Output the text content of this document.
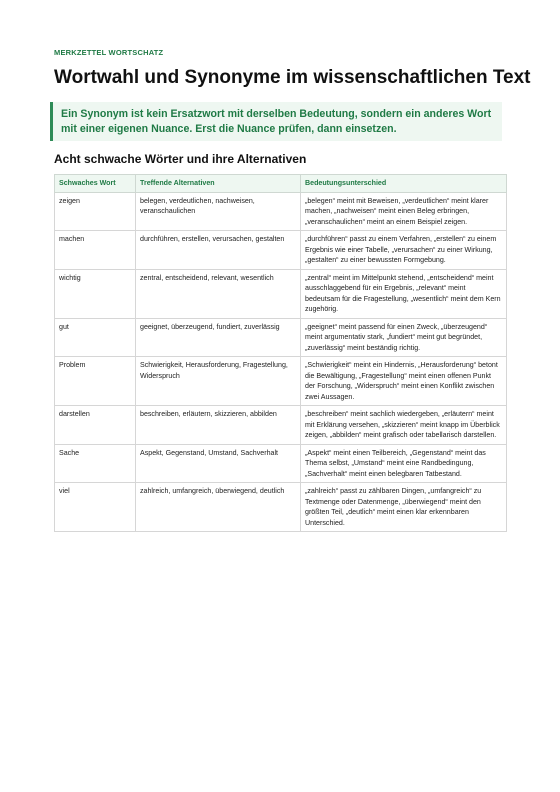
MERKZETTEL WORTSCHATZ
Wortwahl und Synonyme im wissenschaftlichen Text
Ein Synonym ist kein Ersatzwort mit derselben Bedeutung, sondern ein anderes Wort mit einer eigenen Nuance. Erst die Nuance prüfen, dann einsetzen.
Acht schwache Wörter und ihre Alternativen
Schwaches Wort	Treffende Alternativen	Bedeutungsunterschied
zeigen	belegen, verdeutlichen, nachweisen, veranschaulichen	„belegen“ meint mit Beweisen, „verdeutlichen“ meint klarer machen, „nachweisen“ meint einen Beleg erbringen, „veranschaulichen“ meint an einem Beispiel zeigen.
machen	durchführen, erstellen, verursachen, gestalten	„durchführen“ passt zu einem Verfahren, „erstellen“ zu einem Ergebnis wie einer Tabelle, „verursachen“ zu einer Wirkung, „gestalten“ zu einer bewussten Formgebung.
wichtig	zentral, entscheidend, relevant, wesentlich	„zentral“ meint im Mittelpunkt stehend, „entscheidend“ meint ausschlaggebend für ein Ergebnis, „relevant“ meint bedeutsam für die Fragestellung, „wesentlich“ meint dem Kern zugehörig.
gut	geeignet, überzeugend, fundiert, zuverlässig	„geeignet“ meint passend für einen Zweck, „überzeugend“ meint argumentativ stark, „fundiert“ meint gut begründet, „zuverlässig“ meint beständig richtig.
Problem	Schwierigkeit, Herausforderung, Fragestellung, Widerspruch	„Schwierigkeit“ meint ein Hindernis, „Herausforderung“ betont die Bewältigung, „Fragestellung“ meint einen offenen Punkt der Forschung, „Widerspruch“ meint einen Konflikt zwischen zwei Aussagen.
darstellen	beschreiben, erläutern, skizzieren, abbilden	„beschreiben“ meint sachlich wiedergeben, „erläutern“ meint mit Erklärung versehen, „skizzieren“ meint knapp im Überblick zeigen, „abbilden“ meint grafisch oder tabellarisch darstellen.
Sache	Aspekt, Gegenstand, Umstand, Sachverhalt	„Aspekt“ meint einen Teilbereich, „Gegenstand“ meint das Thema selbst, „Umstand“ meint eine Randbedingung, „Sachverhalt“ meint einen belegbaren Tatbestand.
viel	zahlreich, umfangreich, überwiegend, deutlich	„zahlreich“ passt zu zählbaren Dingen, „umfangreich“ zu Textmenge oder Datenmenge, „überwiegend“ meint den größten Teil, „deutlich“ meint einen klar erkennbaren Unterschied.
